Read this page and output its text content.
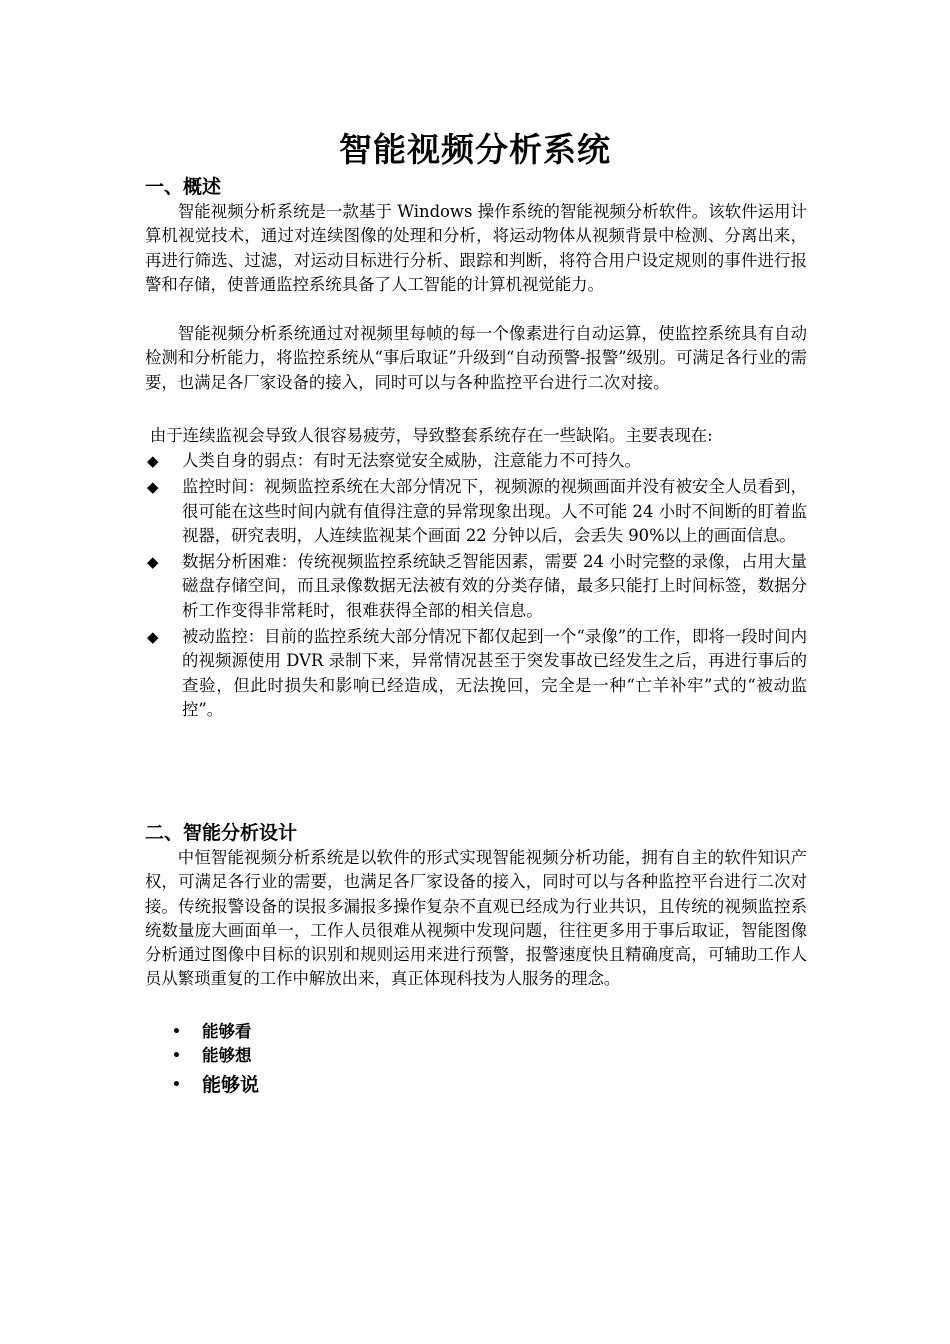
智能视频分析系统
一、概述
智能视频分析系统是一款基于 Windows 操作系统的智能视频分析软件。该软件运用计算机视觉技术，通过对连续图像的处理和分析，将运动物体从视频背景中检测、分离出来，再进行筛选、过滤，对运动目标进行分析、跟踪和判断，将符合用户设定规则的事件进行报警和存储，使普通监控系统具备了人工智能的计算机视觉能力。
智能视频分析系统通过对视频里每帧的每一个像素进行自动运算，使监控系统具有自动检测和分析能力，将监控系统从“事后取证”升级到“自动预警-报警”级别。可满足各行业的需要，也满足各厂家设备的接入，同时可以与各种监控平台进行二次对接。
由于连续监视会导致人很容易疲劳，导致整套系统存在一些缺陷。主要表现在:
◆ 人类自身的弱点：有时无法察觉安全威胁，注意能力不可持久。
◆ 监控时间：视频监控系统在大部分情况下，视频源的视频画面并没有被安全人员看到，很可能在这些时间内就有值得注意的异常现象出现。人不可能 24 小时不间断的盯着监视器，研究表明，人连续监视某个画面 22 分钟以后，会丢失 90%以上的画面信息。
◆ 数据分析困难：传统视频监控系统缺乏智能因素，需要 24 小时完整的录像，占用大量磁盘存储空间，而且录像数据无法被有效的分类存储，最多只能打上时间标签，数据分析工作变得非常耗时，很难获得全部的相关信息。
◆ 被动监控：目前的监控系统大部分情况下都仅起到一个“录像”的工作，即将一段时间内的视频源使用 DVR 录制下来，异常情况甚至于突发事故已经发生之后，再进行事后的查验，但此时损失和影响已经造成，无法挽回，完全是一种“亡羊补牢”式的“被动监控”。
二、智能分析设计
中恒智能视频分析系统是以软件的形式实现智能视频分析功能，拥有自主的软件知识产权，可满足各行业的需要，也满足各厂家设备的接入，同时可以与各种监控平台进行二次对接。传统报警设备的误报多漏报多操作复杂不直观已经成为行业共识，且传统的视频监控系统数量庞大画面单一，工作人员很难从视频中发现问题，往往更多用于事后取证，智能图像分析通过图像中目标的识别和规则运用来进行预警，报警速度快且精确度高，可辅助工作人员从繁琐重复的工作中解放出来，真正体现科技为人服务的理念。
• 能够看
• 能够想
• 能够说
